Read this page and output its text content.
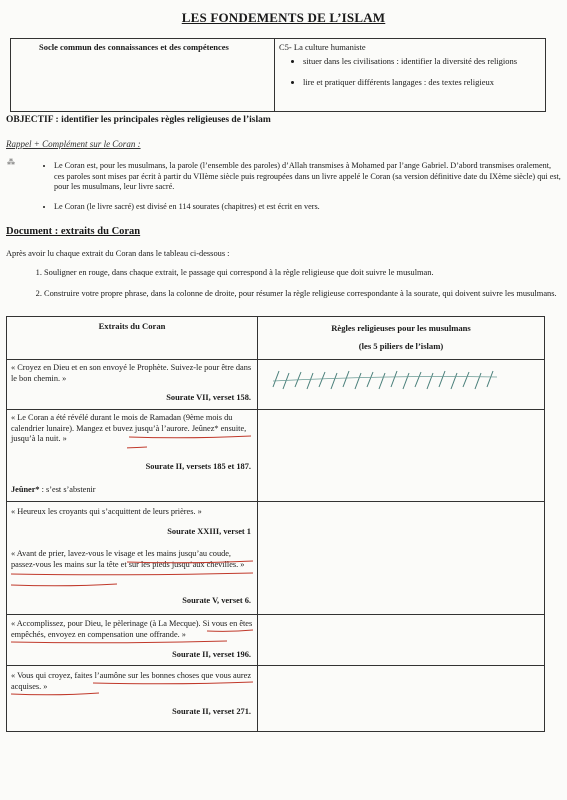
LES FONDEMENTS DE L’ISLAM
Socle commun des connaissances et des compétences	C5- La culture humaniste
• situer dans les civilisations : identifier la diversité des religions
• lire et pratiquer différents langages : des textes religieux
OBJECTIF : identifier les principales règles religieuses de l’islam
Rappel + Complément sur le Coran :
⁂
•	Le Coran est, pour les musulmans, la parole (l’ensemble des paroles) d’Allah transmises à Mohamed par l’ange Gabriel. D’abord transmises oralement, ces paroles sont mises par écrit à partir du VIIème siècle puis regroupées dans un livre appelé le Coran (sa version définitive date du IXème siècle) qui est, pour les musulmans, leur livre sacré.
• Le Coran (le livre sacré) est divisé en 114 sourates (chapitres) et est écrit en vers.
Document : extraits du Coran
Après avoir lu chaque extrait du Coran dans le tableau ci-dessous :
1. Souligner en rouge, dans chaque extrait, le passage qui correspond à la règle religieuse que doit suivre le musulman.
2. Construire votre propre phrase, dans la colonne de droite, pour résumer la règle religieuse correspondante à la sourate, qui doivent suivre les musulmans.
Extraits du Coran	Règles religieuses pour les musulmans
(les 5 piliers de l’islam)
« Croyez en Dieu et en son envoyé le Prophète. Suivez-le pour être dans le bon chemin. »
Sourate VII, verset 158.
« Le Coran a été révélé durant le mois de Ramadan (9ème mois du calendrier lunaire). Mangez et buvez jusqu’à l’aurore. Jeûnez* ensuite, jusqu’à la nuit. »
Sourate II, versets 185 et 187.
Jeûner* : s’est s’abstenir
« Heureux les croyants qui s’acquittent de leurs prières. »
Sourate XXIII, verset 1
« Avant de prier, lavez-vous le visage et les mains jusqu’au coude, passez-vous les mains sur la tête et sur les pieds jusqu’aux chevilles. »
Sourate V, verset 6.
« Accomplissez, pour Dieu, le pèlerinage (à La Mecque). Si vous en êtes empêchés, envoyez en compensation une offrande. »
Sourate II, verset 196.
« Vous qui croyez, faites l’aumône sur les bonnes choses que vous aurez acquises. »
Sourate II, verset 271.
